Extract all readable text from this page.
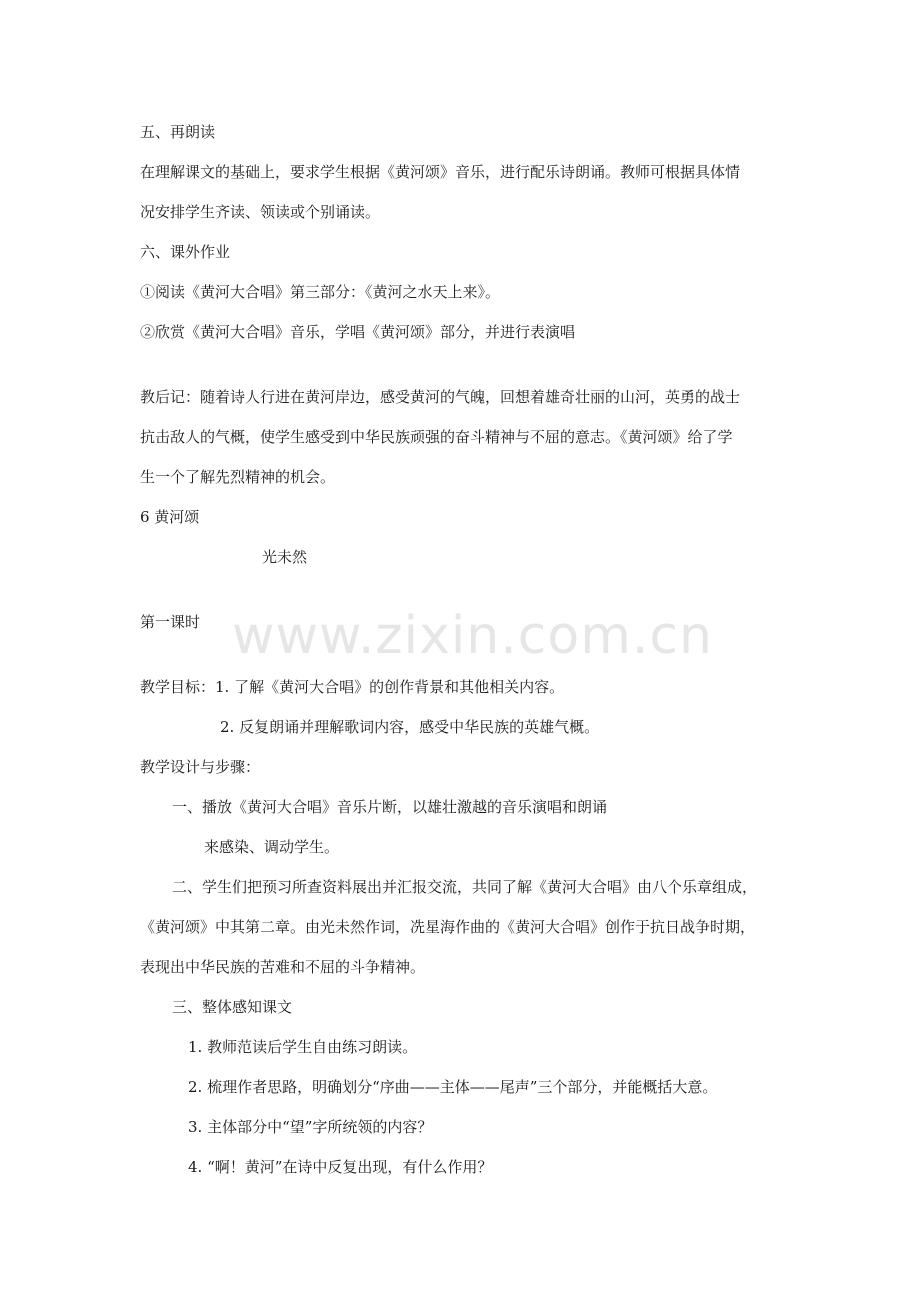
www.zixin.com.cn
五、再朗读
在理解课文的基础上，要求学生根据《黄河颂》音乐，进行配乐诗朗诵。教师可根据具体情
况安排学生齐读、领读或个别诵读。
六、课外作业
①阅读《黄河大合唱》第三部分：《黄河之水天上来》。
②欣赏《黄河大合唱》音乐，学唱《黄河颂》部分，并进行表演唱
教后记：随着诗人行进在黄河岸边，感受黄河的气魄，回想着雄奇壮丽的山河，英勇的战士
抗击敌人的气概，使学生感受到中华民族顽强的奋斗精神与不屈的意志。《黄河颂》给了学
生一个了解先烈精神的机会。
6 黄河颂
光未然
第一课时
教学目标：1. 了解《黄河大合唱》的创作背景和其他相关内容。
2. 反复朗诵并理解歌词内容，感受中华民族的英雄气概。
教学设计与步骤：
一、播放《黄河大合唱》音乐片断，以雄壮激越的音乐演唱和朗诵
来感染、调动学生。
二、学生们把预习所查资料展出并汇报交流，共同了解《黄河大合唱》由八个乐章组成，
《黄河颂》中其第二章。由光未然作词，冼星海作曲的《黄河大合唱》创作于抗日战争时期，
表现出中华民族的苦难和不屈的斗争精神。
三、整体感知课文
1. 教师范读后学生自由练习朗读。
2. 梳理作者思路，明确划分“序曲——主体——尾声”三个部分，并能概括大意。
3. 主体部分中“望”字所统领的内容？
4. “啊！黄河”在诗中反复出现，有什么作用？
